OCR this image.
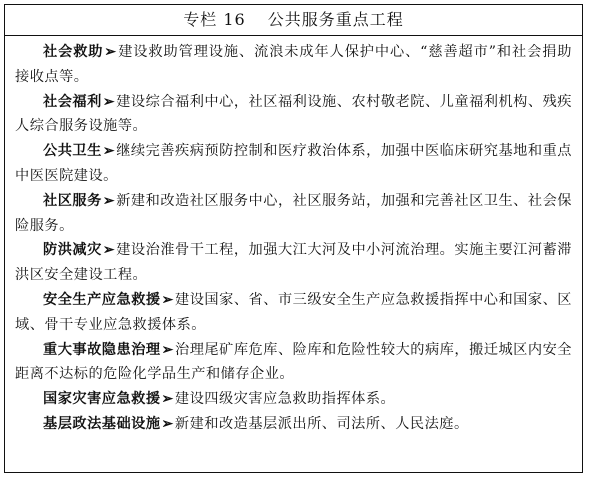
专栏 16 公共服务重点工程

社会救助➢建设救助管理设施、流浪未成年人保护中心、“慈善超市”和社会捐助接收点等。

社会福利➢建设综合福利中心，社区福利设施、农村敬老院、儿童福利机构、残疾人综合服务设施等。

公共卫生➢继续完善疾病预防控制和医疗救治体系，加强中医临床研究基地和重点中医医院建设。

社区服务➢新建和改造社区服务中心，社区服务站，加强和完善社区卫生、社会保险服务。

防洪减灾➢建设治淮骨干工程，加强大江大河及中小河流治理。实施主要江河蓄滞洪区安全建设工程。

安全生产应急救援➢建设国家、省、市三级安全生产应急救援指挥中心和国家、区域、骨干专业应急救援体系。

重大事故隐患治理➢治理尾矿库危库、险库和危险性较大的病库，搬迁城区内安全距离不达标的危险化学品生产和储存企业。

国家灾害应急救援➢建设四级灾害应急救助指挥体系。

基层政法基础设施➢新建和改造基层派出所、司法所、人民法庭。
